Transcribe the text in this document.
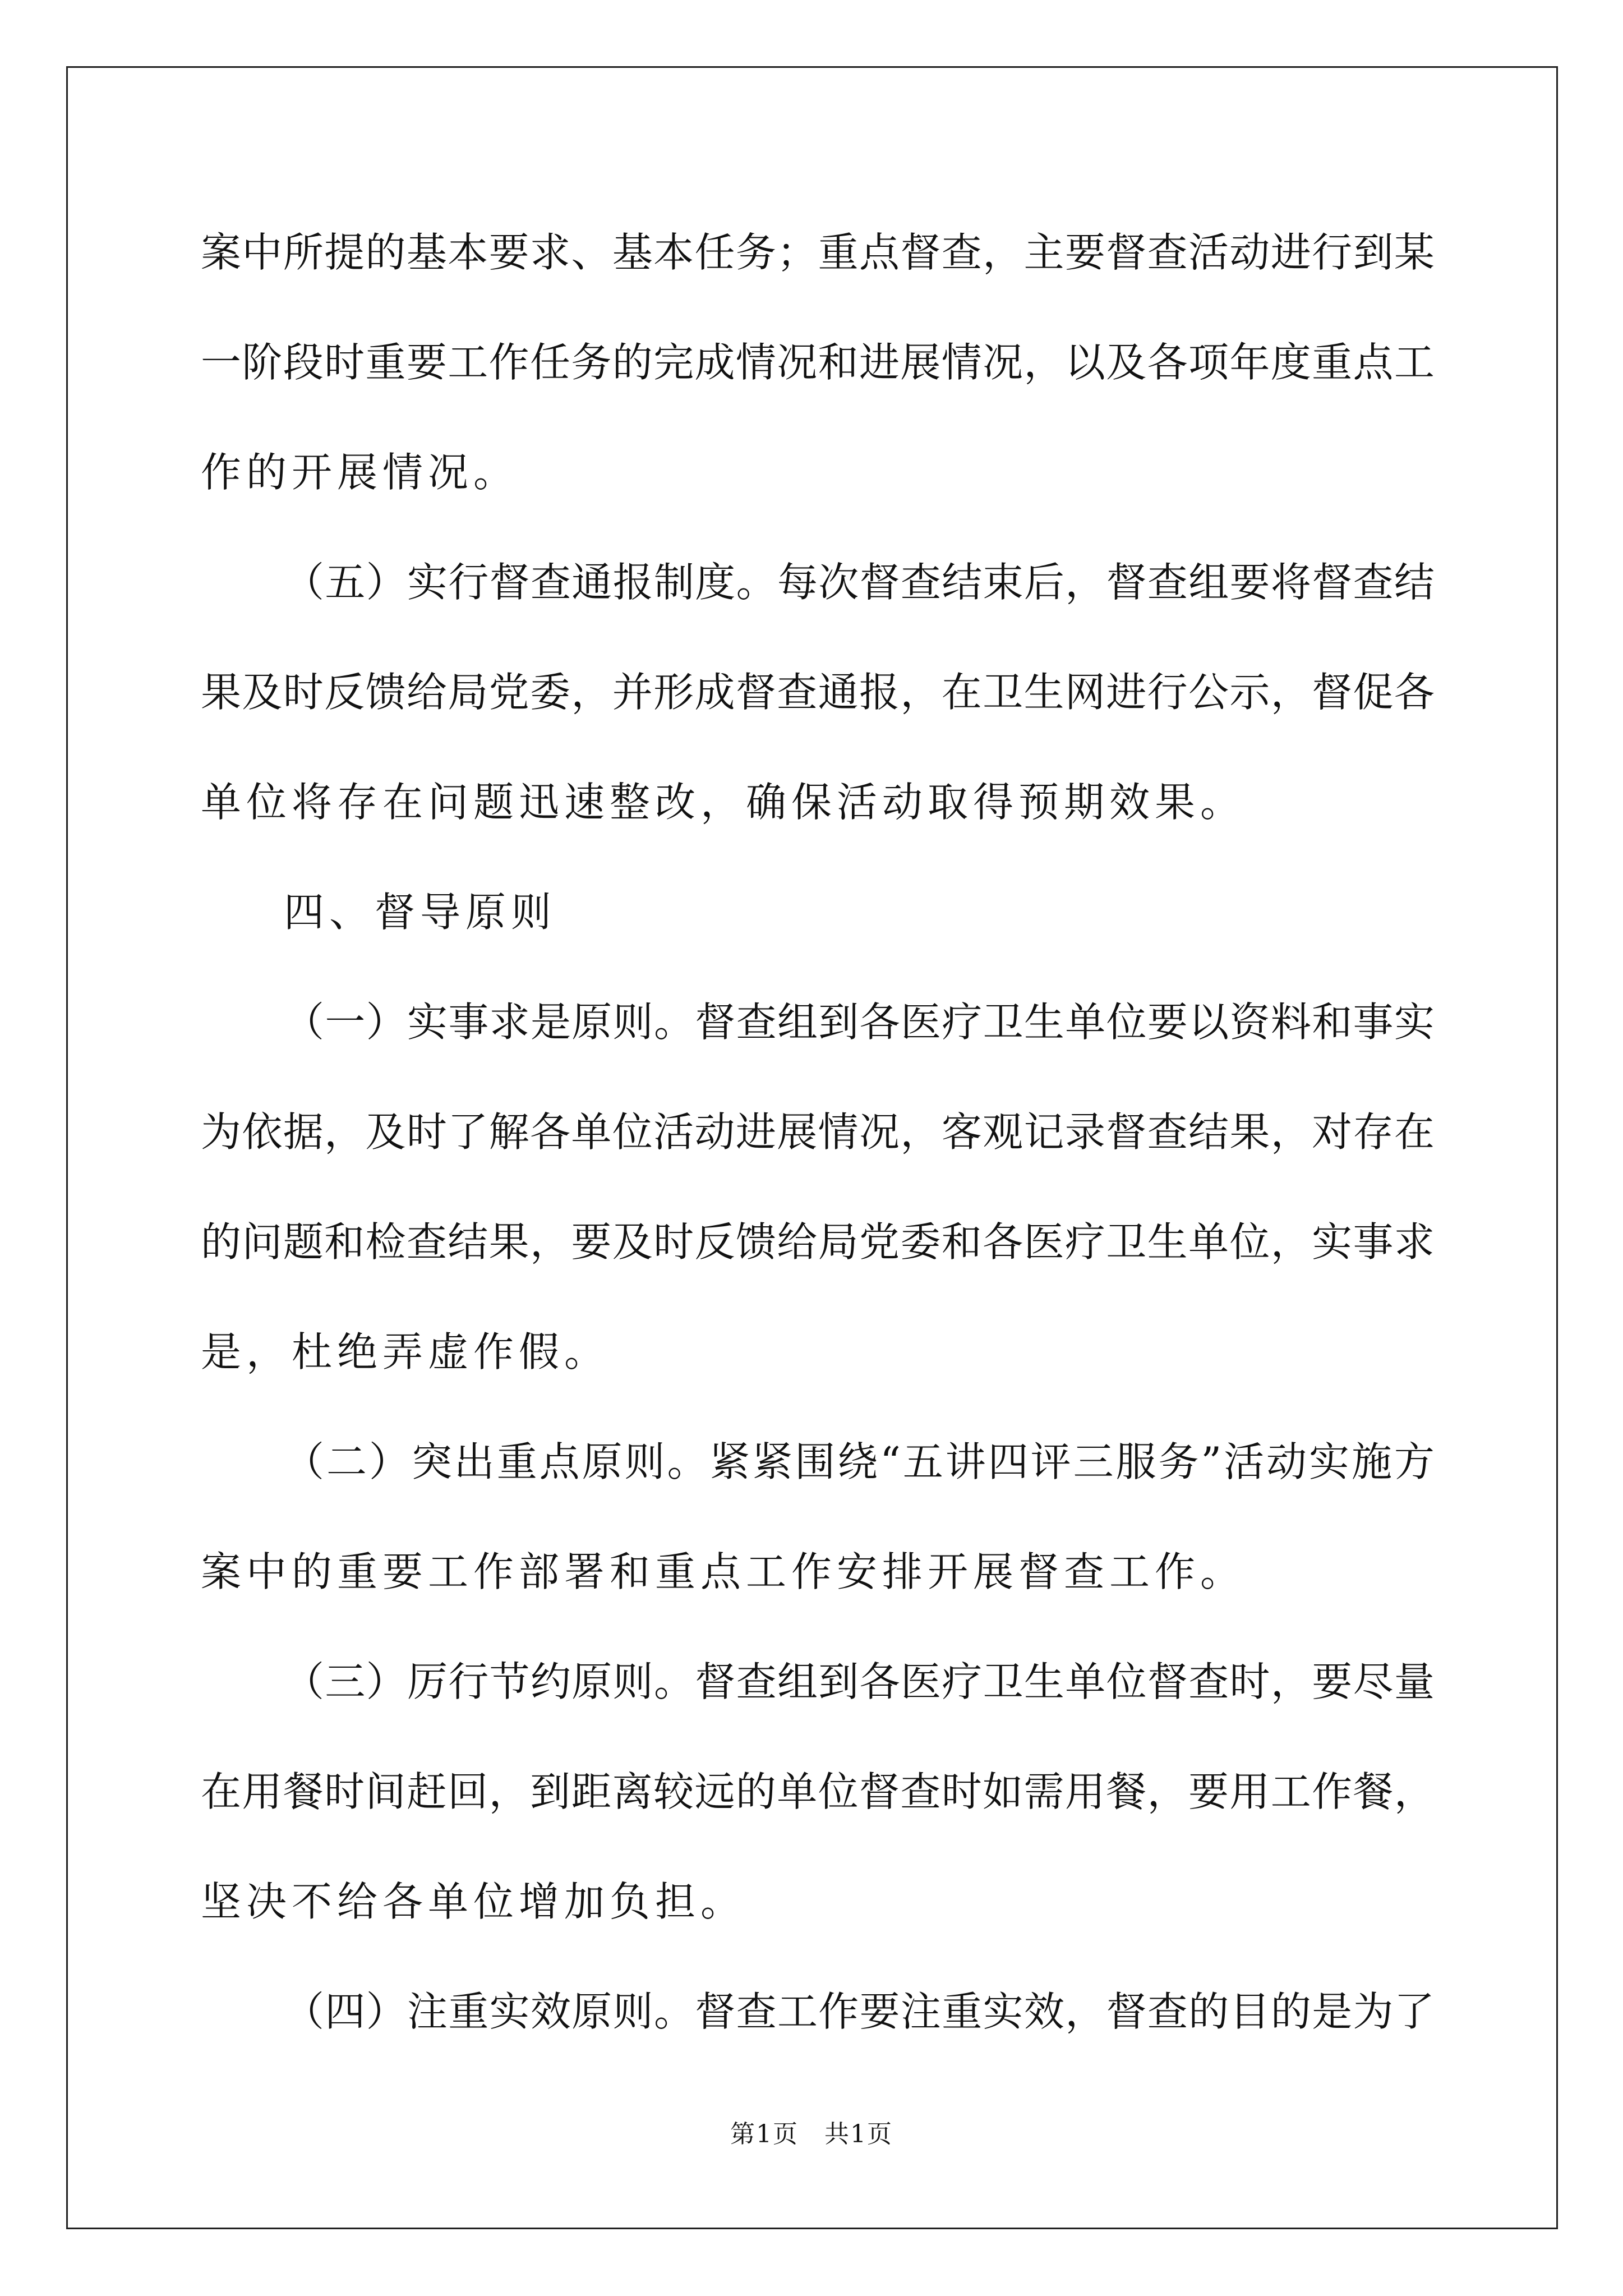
案 中 所 提 的 基 本 要 求 、 基 本 任 务 ； 重 点 督 查 ， 主 要 督 查 活 动 进 行 到 某
一 阶 段 时 重 要 工 作 任 务 的 完 成 情 况 和 进 展 情 况 ， 以 及 各 项 年 度 重 点 工
作的开展情况。
（ 五 ） 实 行 督 查 通 报 制 度 。 每 次 督 查 结 束 后 ， 督 查 组 要 将 督 查 结
果 及 时 反 馈 给 局 党 委 ， 并 形 成 督 查 通 报 ， 在 卫 生 网 进 行 公 示 ， 督 促 各
单位将存在问题迅速整改，确保活动取得预期效果。
四、督导原则
（ 一 ） 实 事 求 是 原 则 。 督 查 组 到 各 医 疗 卫 生 单 位 要 以 资 料 和 事 实
为 依 据 ， 及 时 了 解 各 单 位 活 动 进 展 情 况 ， 客 观 记 录 督 查 结 果 ， 对 存 在
的 问 题 和 检 查 结 果 ， 要 及 时 反 馈 给 局 党 委 和 各 医 疗 卫 生 单 位 ， 实 事 求
是，杜绝弄虚作假。
（ 二 ） 突 出 重 点 原 则 。 紧 紧 围 绕 “ 五 讲 四 评 三 服 务 ” 活 动 实 施 方
案中的重要工作部署和重点工作安排开展督查工作。
（ 三 ） 厉 行 节 约 原 则 。 督 查 组 到 各 医 疗 卫 生 单 位 督 查 时 ， 要 尽 量
在 用 餐 时 间 赶 回 ， 到 距 离 较 远 的 单 位 督 查 时 如 需 用 餐 ， 要 用 工 作 餐 ，
坚决不给各单位增加负担。
（ 四 ） 注 重 实 效 原 则 。 督 查 工 作 要 注 重 实 效 ， 督 查 的 目 的 是 为 了
第1页　共1页
